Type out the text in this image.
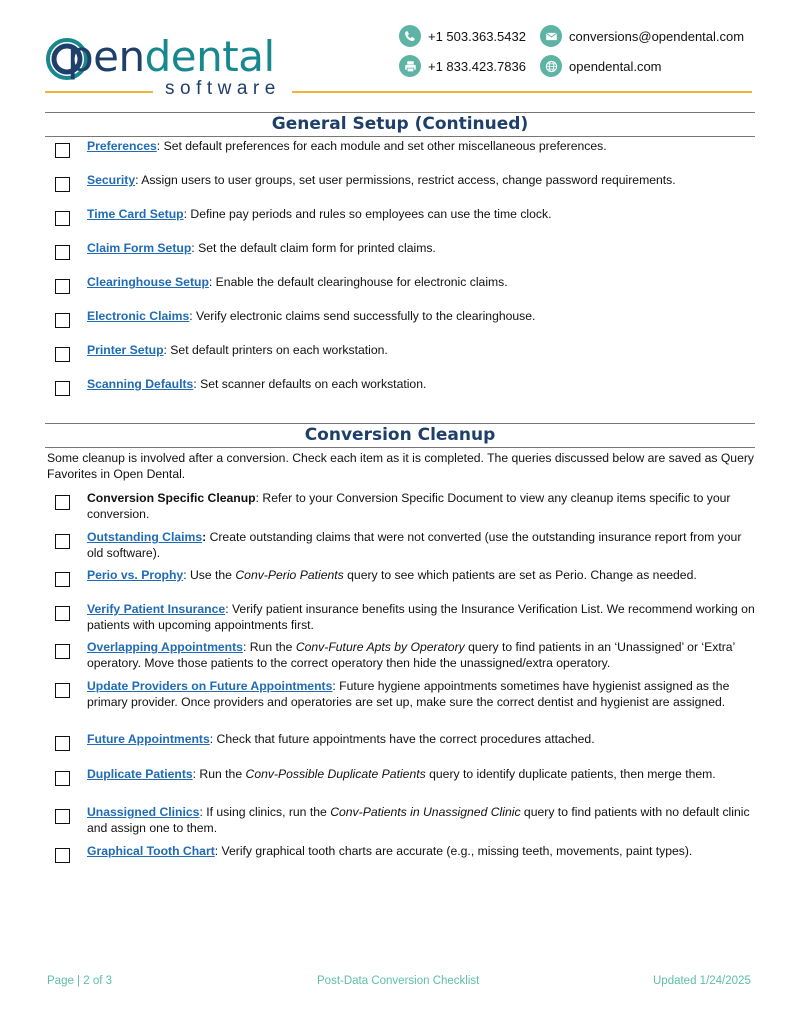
pendental
software
+1 503.363.5432	conversions@opendental.com
+1 833.423.7836	opendental.com
General Setup (Continued)
Preferences: Set default preferences for each module and set other miscellaneous preferences.
Security: Assign users to user groups, set user permissions, restrict access, change password requirements.
Time Card Setup: Define pay periods and rules so employees can use the time clock.
Claim Form Setup: Set the default claim form for printed claims.
Clearinghouse Setup: Enable the default clearinghouse for electronic claims.
Electronic Claims: Verify electronic claims send successfully to the clearinghouse.
Printer Setup: Set default printers on each workstation.
Scanning Defaults: Set scanner defaults on each workstation.
Conversion Cleanup
Some cleanup is involved after a conversion. Check each item as it is completed. The queries discussed below are saved as Query Favorites in Open Dental.
Conversion Specific Cleanup: Refer to your Conversion Specific Document to view any cleanup items specific to your conversion.
Outstanding Claims: Create outstanding claims that were not converted (use the outstanding insurance report from your old software).
Perio vs. Prophy: Use the Conv-Perio Patients query to see which patients are set as Perio. Change as needed.
Verify Patient Insurance: Verify patient insurance benefits using the Insurance Verification List. We recommend working on patients with upcoming appointments first.
Overlapping Appointments: Run the Conv-Future Apts by Operatory query to find patients in an ‘Unassigned’ or ‘Extra’ operatory. Move those patients to the correct operatory then hide the unassigned/extra operatory.
Update Providers on Future Appointments: Future hygiene appointments sometimes have hygienist assigned as the primary provider. Once providers and operatories are set up, make sure the correct dentist and hygienist are assigned.
Future Appointments: Check that future appointments have the correct procedures attached.
Duplicate Patients: Run the Conv-Possible Duplicate Patients query to identify duplicate patients, then merge them.
Unassigned Clinics: If using clinics, run the Conv-Patients in Unassigned Clinic query to find patients with no default clinic and assign one to them.
Graphical Tooth Chart: Verify graphical tooth charts are accurate (e.g., missing teeth, movements, paint types).
Page | 2 of 3	Post-Data Conversion Checklist	Updated 1/24/2025
